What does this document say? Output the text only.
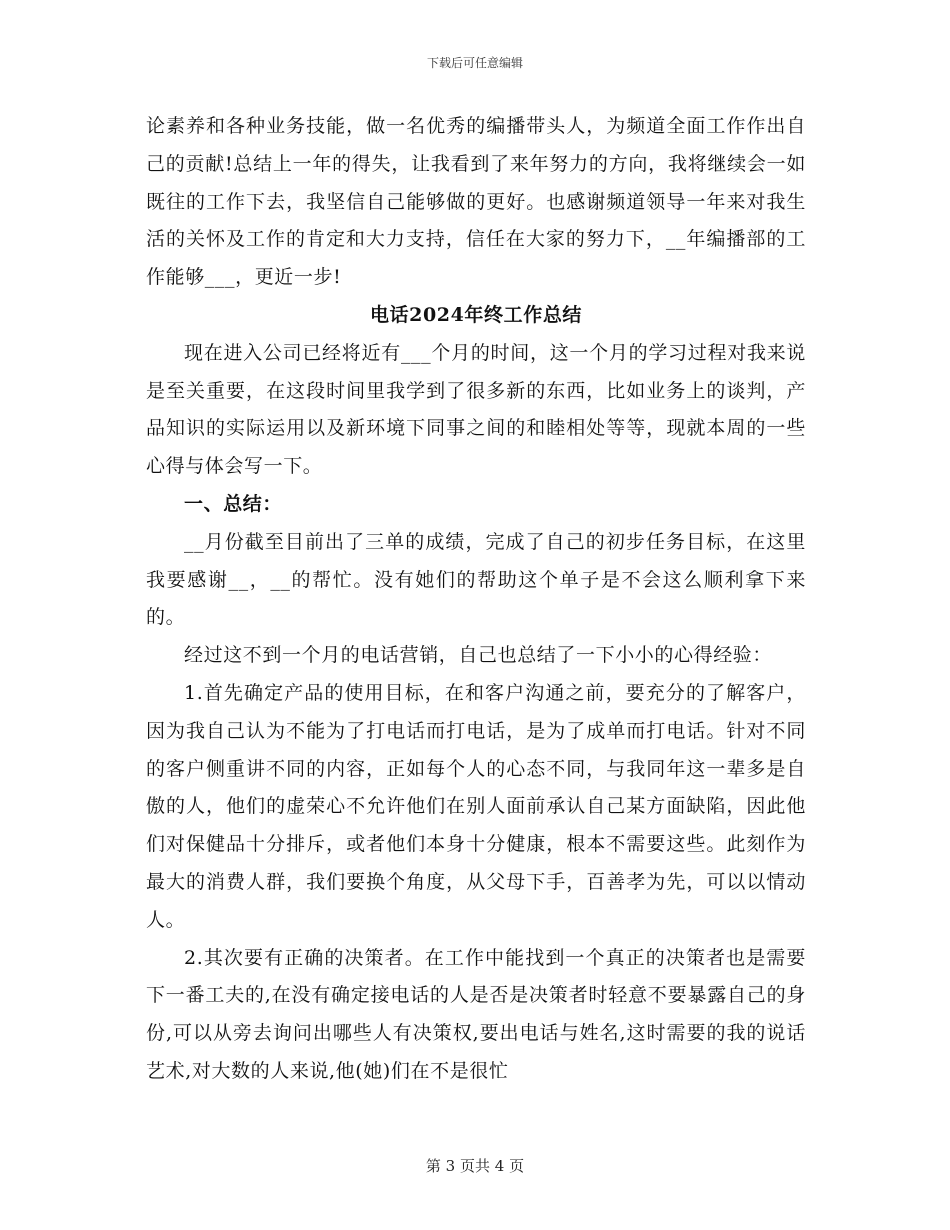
下载后可任意编辑

论素养和各种业务技能，做一名优秀的编播带头人，为频道全面工作作出自己的贡献!总结上一年的得失，让我看到了来年努力的方向，我将继续会一如既往的工作下去，我坚信自己能够做的更好。也感谢频道领导一年来对我生活的关怀及工作的肯定和大力支持，信任在大家的努力下，__年编播部的工作能够___，更近一步!

电话2024年终工作总结

现在进入公司已经将近有___个月的时间，这一个月的学习过程对我来说是至关重要，在这段时间里我学到了很多新的东西，比如业务上的谈判，产品知识的实际运用以及新环境下同事之间的和睦相处等等，现就本周的一些心得与体会写一下。

一、总结：

__月份截至目前出了三单的成绩，完成了自己的初步任务目标，在这里我要感谢__，__的帮忙。没有她们的帮助这个单子是不会这么顺利拿下来的。

经过这不到一个月的电话营销，自己也总结了一下小小的心得经验：

1.首先确定产品的使用目标，在和客户沟通之前，要充分的了解客户，因为我自己认为不能为了打电话而打电话，是为了成单而打电话。针对不同的客户侧重讲不同的内容，正如每个人的心态不同，与我同年这一辈多是自傲的人，他们的虚荣心不允许他们在别人面前承认自己某方面缺陷，因此他们对保健品十分排斥，或者他们本身十分健康，根本不需要这些。此刻作为最大的消费人群，我们要换个角度，从父母下手，百善孝为先，可以以情动人。

2.其次要有正确的决策者。在工作中能找到一个真正的决策者也是需要下一番工夫的,在没有确定接电话的人是否是决策者时轻意不要暴露自己的身份,可以从旁去询问出哪些人有决策权,要出电话与姓名,这时需要的我的说话艺术,对大数的人来说,他(她)们在不是很忙

第 3 页共 4 页
